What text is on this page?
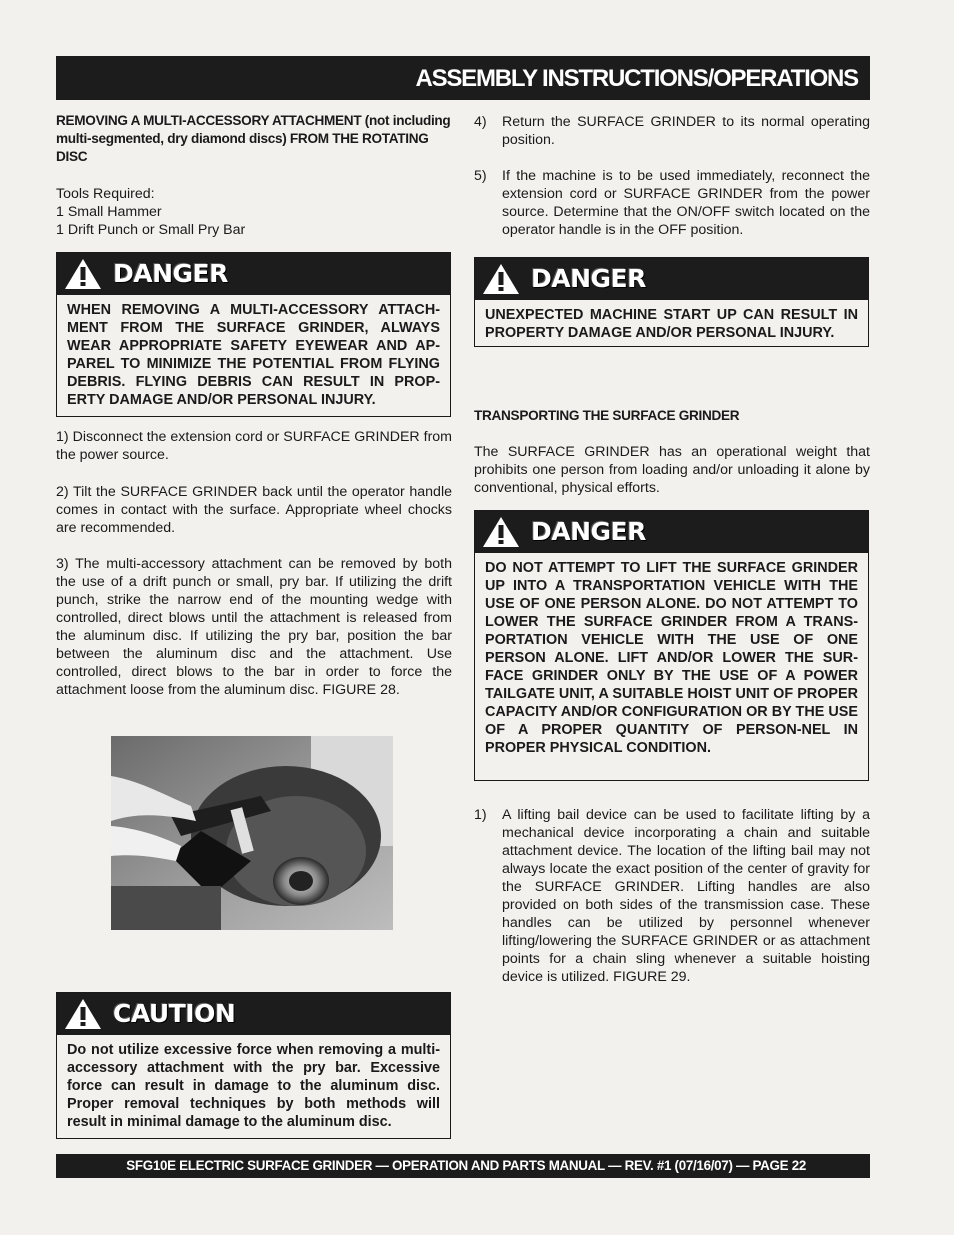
ASSEMBLY INSTRUCTIONS/OPERATIONS

REMOVING A MULTI-ACCESSORY ATTACHMENT (not including multi-segmented, dry diamond discs) FROM THE ROTATING DISC

Tools Required:
1 Small Hammer
1 Drift Punch or Small Pry Bar
DANGER
WHEN REMOVING A MULTI-ACCESSORY ATTACH-MENT FROM THE SURFACE GRINDER, ALWAYS WEAR APPROPRIATE SAFETY EYEWEAR AND AP-PAREL TO MINIMIZE THE POTENTIAL FROM FLYING DEBRIS. FLYING DEBRIS CAN RESULT IN PROP-ERTY DAMAGE AND/OR PERSONAL INJURY.

1) Disconnect the extension cord or SURFACE GRINDER from the power source.

2) Tilt the SURFACE GRINDER back until the operator handle comes in contact with the surface. Appropriate wheel chocks are recommended.

3) The multi-accessory attachment can be removed by both the use of a drift punch or small, pry bar. If utilizing the drift punch, strike the narrow end of the mounting wedge with controlled, direct blows until the attachment is released from the aluminum disc. If utilizing the pry bar, position the bar between the aluminum disc and the attachment. Use controlled, direct blows to the bar in order to force the attachment loose from the aluminum disc. FIGURE 28.

CAUTION
Do not utilize excessive force when removing a multi-accessory attachment with the pry bar. Excessive force can result in damage to the aluminum disc. Proper removal techniques by both methods will result in minimal damage to the aluminum disc.
4)	Return the SURFACE GRINDER to its normal operating position.
5)	If the machine is to be used immediately, reconnect the extension cord or SURFACE GRINDER from the power source. Determine that the ON/OFF switch located on the operator handle is in the OFF position.
DANGER
UNEXPECTED MACHINE START UP CAN RESULT IN PROPERTY DAMAGE AND/OR PERSONAL INJURY.

TRANSPORTING THE SURFACE GRINDER

The SURFACE GRINDER has an operational weight that prohibits one person from loading and/or unloading it alone by conventional, physical efforts.

DANGER
DO NOT ATTEMPT TO LIFT THE SURFACE GRINDER UP INTO A TRANSPORTATION VEHICLE WITH THE USE OF ONE PERSON ALONE. DO NOT ATTEMPT TO LOWER THE SURFACE GRINDER FROM A TRANS-PORTATION VEHICLE WITH THE USE OF ONE PERSON ALONE. LIFT AND/OR LOWER THE SUR-FACE GRINDER ONLY BY THE USE OF A POWER TAILGATE UNIT, A SUITABLE HOIST UNIT OF PROPER CAPACITY AND/OR CONFIGURATION OR BY THE USE OF A PROPER QUANTITY OF PERSON-NEL IN PROPER PHYSICAL CONDITION.
1)	A lifting bail device can be used to facilitate lifting by a mechanical device incorporating a chain and suitable attachment device. The location of the lifting bail may not always locate the exact position of the center of gravity for the SURFACE GRINDER. Lifting handles are also provided on both sides of the transmission case. These handles can be utilized by personnel whenever lifting/lowering the SURFACE GRINDER or as attachment points for a chain sling whenever a suitable hoisting device is utilized. FIGURE 29.
SFG10E ELECTRIC SURFACE GRINDER — OPERATION AND PARTS MANUAL — REV. #1 (07/16/07) — PAGE 22
